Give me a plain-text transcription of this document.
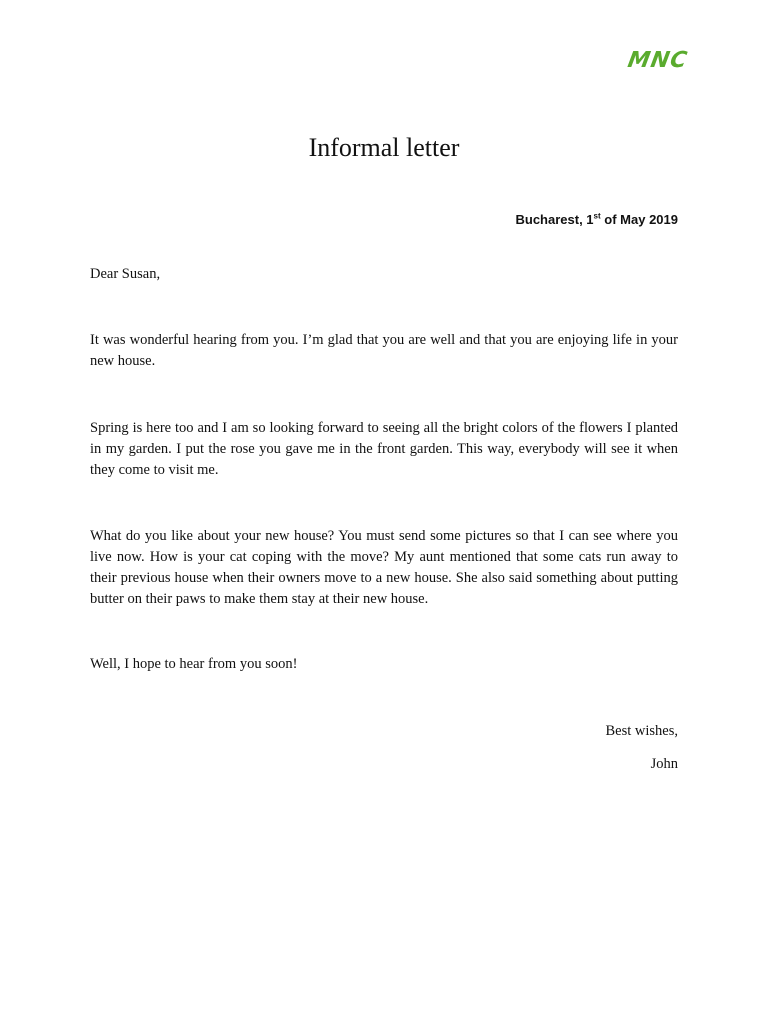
MNC
Informal letter
Bucharest, 1st of May 2019

Dear Susan,

It was wonderful hearing from you. I’m glad that you are well and that you are enjoying life in your new house.

Spring is here too and I am so looking forward to seeing all the bright colors of the flowers I planted in my garden. I put the rose you gave me in the front garden. This way, everybody will see it when they come to visit me.

What do you like about your new house? You must send some pictures so that I can see where you live now. How is your cat coping with the move? My aunt mentioned that some cats run away to their previous house when their owners move to a new house. She also said something about putting butter on their paws to make them stay at their new house.

Well, I hope to hear from you soon!

Best wishes,

John
